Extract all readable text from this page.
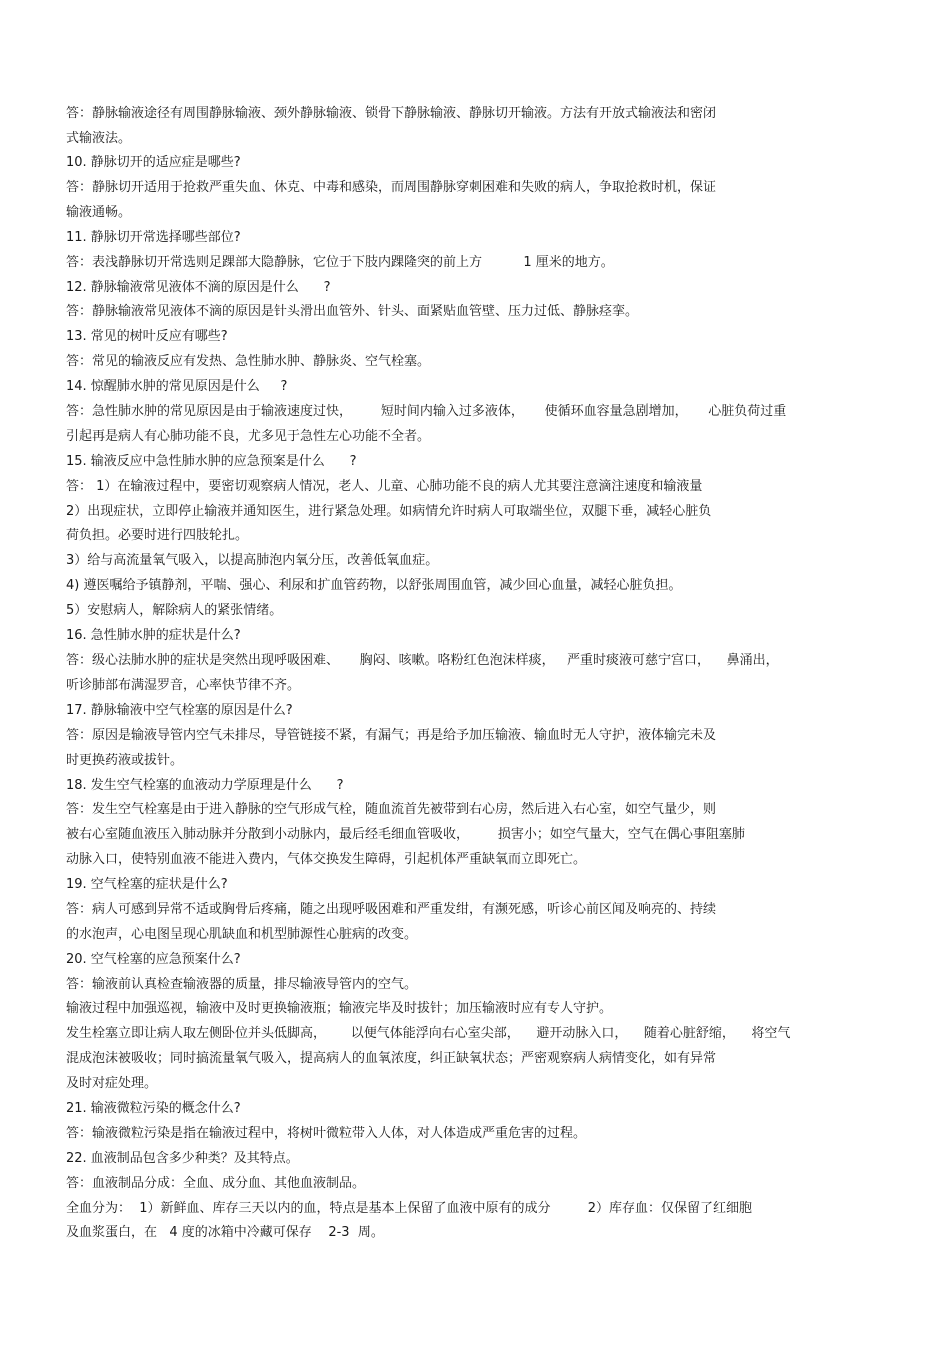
答：静脉输液途径有周围静脉输液、颈外静脉输液、锁骨下静脉输液、静脉切开输液。方法有开放式输液法和密闭
式输液法。
10. 静脉切开的适应症是哪些?
答：静脉切开适用于抢救严重失血、休克、中毒和感染，而周围静脉穿刺困难和失败的病人，争取抢救时机，保证
输液通畅。
11. 静脉切开常选择哪些部位?
答：表浅静脉切开常选则足踝部大隐静脉，它位于下肢内踝隆突的前上方          1 厘米的地方。
12. 静脉输液常见液体不滴的原因是什么      ?
答：静脉输液常见液体不滴的原因是针头滑出血管外、针头、面紧贴血管壁、压力过低、静脉痉挛。
13. 常见的树叶反应有哪些?
答：常见的输液反应有发热、急性肺水肿、静脉炎、空气栓塞。
14. 惊醒肺水肿的常见原因是什么     ?
答：急性肺水肿的常见原因是由于输液速度过快，       短时间内输入过多液体，     使循环血容量急剧增加，     心脏负荷过重
引起再是病人有心肺功能不良，尤多见于急性左心功能不全者。
15. 输液反应中急性肺水肿的应急预案是什么      ?
答： 1）在输液过程中，要密切观察病人情况，老人、儿童、心肺功能不良的病人尤其要注意滴注速度和输液量
2）出现症状，立即停止输液并通知医生，进行紧急处理。如病情允许时病人可取端坐位，双腿下垂，减轻心脏负
荷负担。必要时进行四肢轮扎。
3）给与高流量氧气吸入，以提高肺泡内氧分压，改善低氧血症。
4) 遵医嘱给予镇静剂，平喘、强心、利尿和扩血管药物，以舒张周围血管，减少回心血量，减轻心脏负担。
5）安慰病人，解除病人的紧张情绪。
16. 急性肺水肿的症状是什么?
答：级心法肺水肿的症状是突然出现呼吸困难、     胸闷、咳嗽。咯粉红色泡沫样痰，   严重时痰液可慈宁宫口，    鼻涌出，
听诊肺部布满湿罗音，心率快节律不齐。
17. 静脉输液中空气栓塞的原因是什么?
答：原因是输液导管内空气未排尽，导管链接不紧，有漏气；再是给予加压输液、输血时无人守护，液体输完未及
时更换药液或拔针。
18. 发生空气栓塞的血液动力学原理是什么      ?
答：发生空气栓塞是由于进入静脉的空气形成气栓，随血流首先被带到右心房，然后进入右心室，如空气量少，则
被右心室随血液压入肺动脉并分散到小动脉内，最后经毛细血管吸收，       损害小；如空气量大，空气在偶心事阻塞肺
动脉入口，使特别血液不能进入费内，气体交换发生障碍，引起机体严重缺氧而立即死亡。
19. 空气栓塞的症状是什么?
答：病人可感到异常不适或胸骨后疼痛，随之出现呼吸困难和严重发绀，有濒死感，听诊心前区闻及响亮的、持续
的水泡声，心电图呈现心肌缺血和机型肺源性心脏病的改变。
20. 空气栓塞的应急预案什么?
答：输液前认真检查输液器的质量，排尽输液导管内的空气。
输液过程中加强巡视，输液中及时更换输液瓶；输液完毕及时拔针；加压输液时应有专人守护。
发生栓塞立即让病人取左侧卧位并头低脚高，      以便气体能浮向右心室尖部，    避开动脉入口，    随着心脏舒缩，    将空气
混成泡沫被吸收；同时搞流量氧气吸入，提高病人的血氧浓度，纠正缺氧状态；严密观察病人病情变化，如有异常
及时对症处理。
21. 输液微粒污染的概念什么?
答：输液微粒污染是指在输液过程中，将树叶微粒带入人体，对人体造成严重危害的过程。
22. 血液制品包含多少种类？及其特点。
答：血液制品分成：全血、成分血、其他血液制品。
全血分为：  1）新鲜血、库存三天以内的血，特点是基本上保留了血液中原有的成分         2）库存血：仅保留了红细胞
及血浆蛋白，在   4 度的冰箱中冷藏可保存    2-3  周。
